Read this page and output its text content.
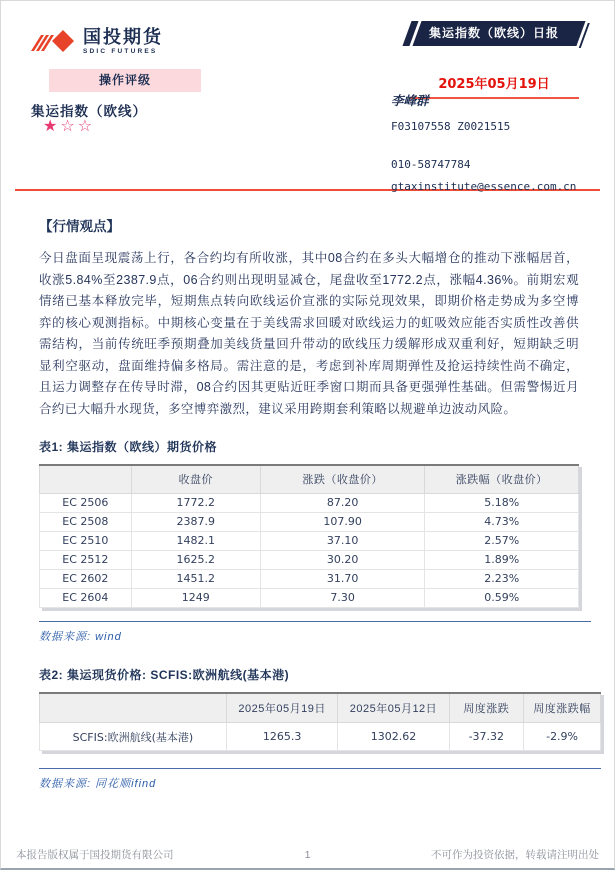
国投期货
SDIC FUTURES
集运指数（欧线）日报

2025年05月19日
操作评级
集运指数（欧线）
★☆☆
李峰群
F03107558 Z0021515
010-58747784
gtaxinstitute@essence.com.cn
【行情观点】

今日盘面呈现震荡上行，各合约均有所收涨，其中08合约在多头大幅增仓的推动下涨幅居首，收涨5.84%至2387.9点，06合约则出现明显减仓，尾盘收至1772.2点，涨幅4.36%。前期宏观情绪已基本释放完毕，短期焦点转向欧线运价宣涨的实际兑现效果，即期价格走势成为多空博弈的核心观测指标。中期核心变量在于美线需求回暖对欧线运力的虹吸效应能否实质性改善供需结构，当前传统旺季预期叠加美线货量回升带动的欧线压力缓解形成双重利好，短期缺乏明显利空驱动，盘面维持偏多格局。需注意的是，考虑到补库周期弹性及抢运持续性尚不确定，且运力调整存在传导时滞，08合约因其更贴近旺季窗口期而具备更强弹性基础。但需警惕近月合约已大幅升水现货，多空博弈激烈，建议采用跨期套利策略以规避单边波动风险。

表1: 集运指数（欧线）期货价格
	收盘价	涨跌（收盘价）	涨跌幅（收盘价）
EC 2506	1772.2	87.20	5.18%
EC 2508	2387.9	107.90	4.73%
EC 2510	1482.1	37.10	2.57%
EC 2512	1625.2	30.20	1.89%
EC 2602	1451.2	31.70	2.23%
EC 2604	1249	7.30	0.59%
数据来源: wind
表2: 集运现货价格: SCFIS:欧洲航线(基本港)
	2025年05月19日	2025年05月12日	周度涨跌	周度涨跌幅
SCFIS:欧洲航线(基本港)	1265.3	1302.62	-37.32	-2.9%
数据来源: 同花顺ifind
本报告版权属于国投期货有限公司	1	不可作为投资依据，转载请注明出处
